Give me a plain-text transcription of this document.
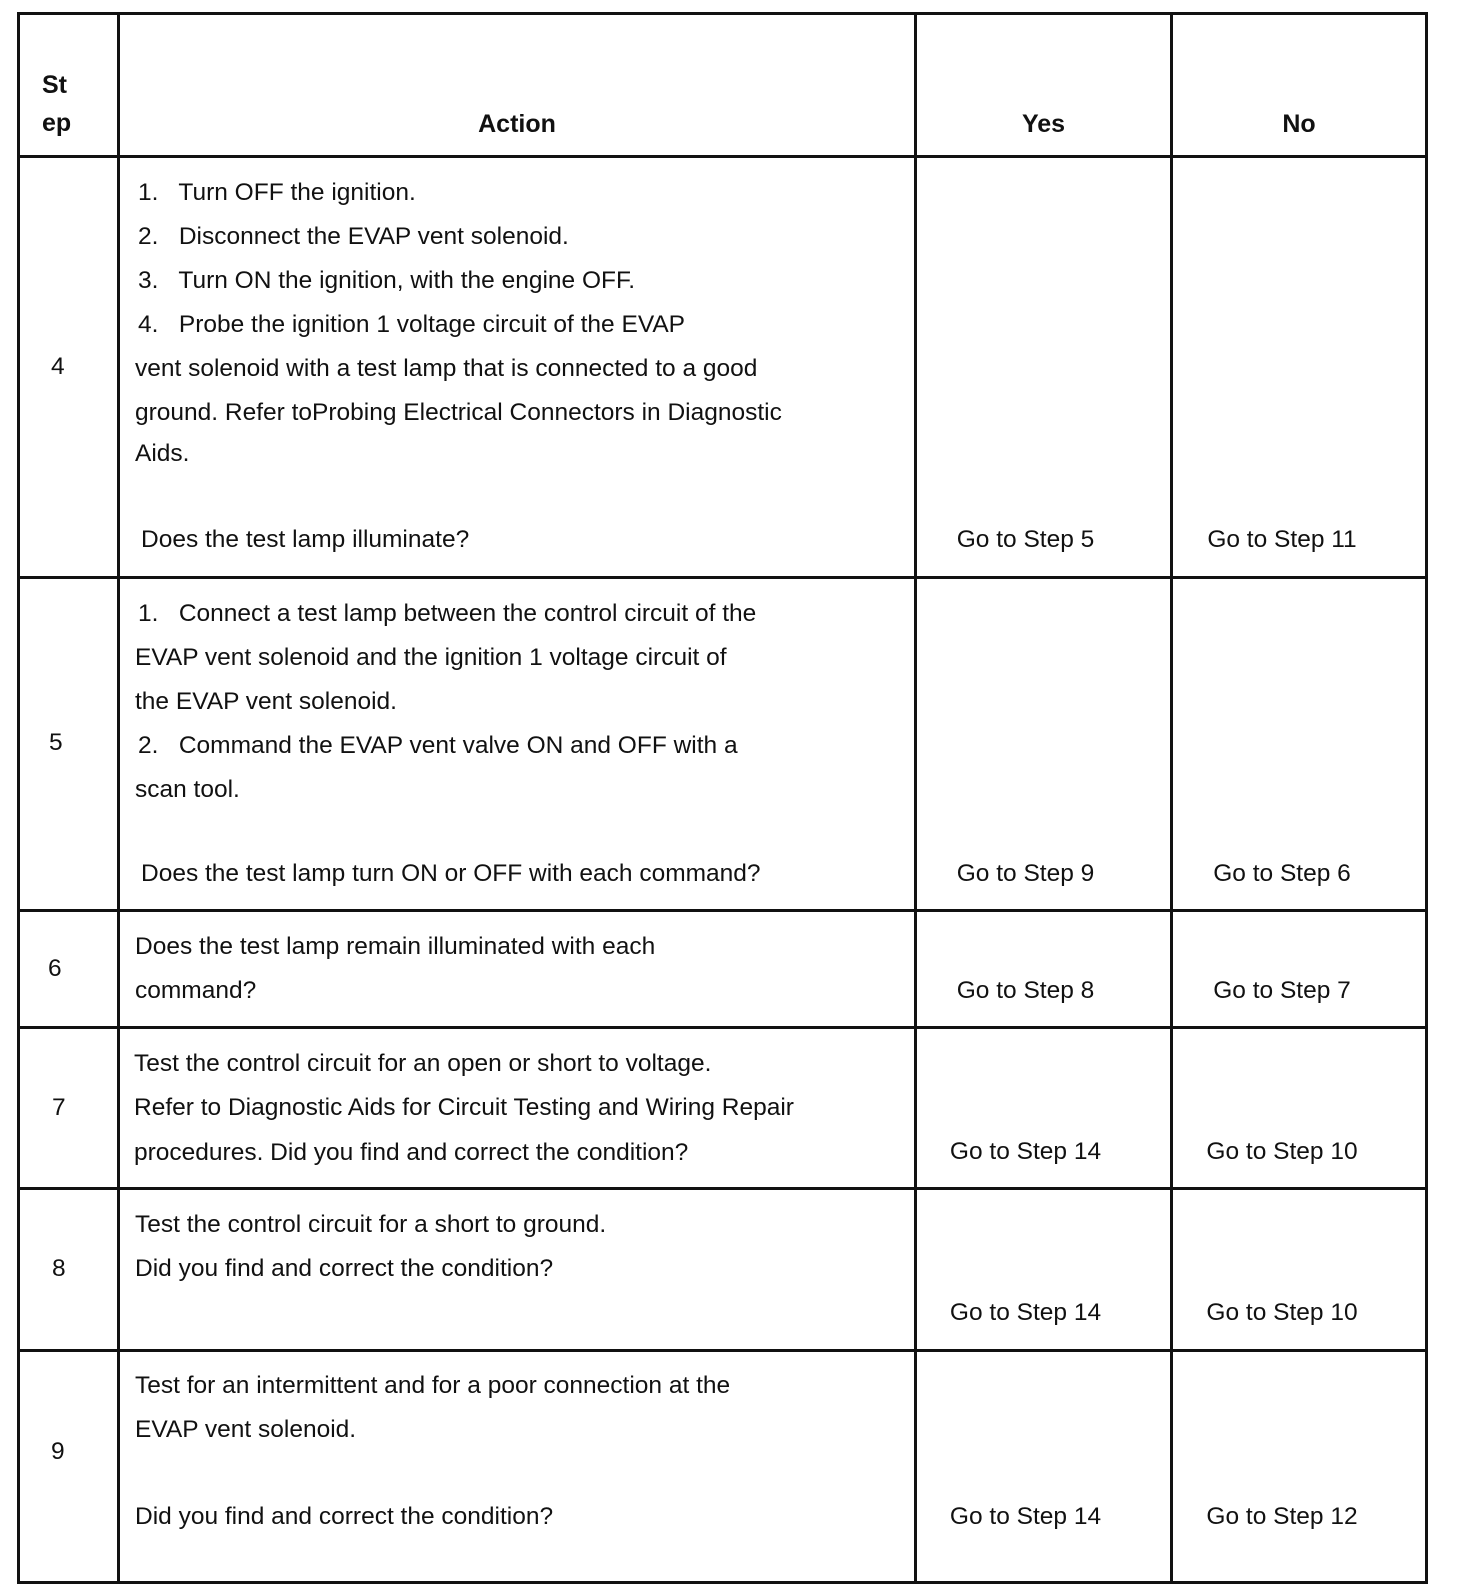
St
ep	Action	Yes	No
4
1.   Turn OFF the ignition.
2.   Disconnect the EVAP vent solenoid.
3.   Turn ON the ignition, with the engine OFF.
4.   Probe the ignition 1 voltage circuit of the EVAP
vent solenoid with a test lamp that is connected to a good
ground. Refer toProbing Electrical Connectors in Diagnostic
Aids.
Does the test lamp illuminate?	Go to Step 5	Go to Step 11
5
1.   Connect a test lamp between the control circuit of the
EVAP vent solenoid and the ignition 1 voltage circuit of
the EVAP vent solenoid.
2.   Command the EVAP vent valve ON and OFF with a
scan tool.
Does the test lamp turn ON or OFF with each command?	Go to Step 9	Go to Step 6
6
Does the test lamp remain illuminated with each
command?	Go to Step 8	Go to Step 7
7
Test the control circuit for an open or short to voltage.
Refer to Diagnostic Aids for Circuit Testing and Wiring Repair
procedures. Did you find and correct the condition?	Go to Step 14	Go to Step 10
8
Test the control circuit for a short to ground.
Did you find and correct the condition?
Go to Step 14	Go to Step 10
9
Test for an intermittent and for a poor connection at the
EVAP vent solenoid.
Did you find and correct the condition?	Go to Step 14	Go to Step 12
